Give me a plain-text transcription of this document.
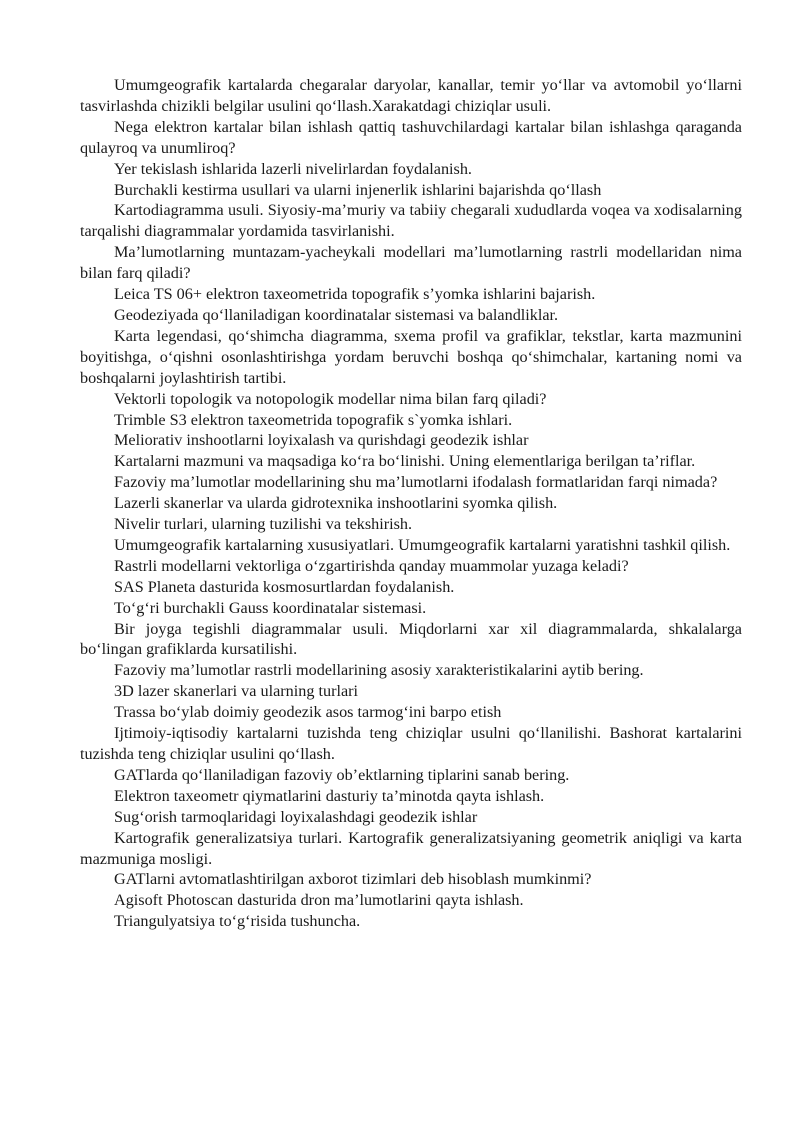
Umumgeografik kartalarda chegaralar daryolar, kanallar, temir yo‘llar va avtomobil yo‘llarni tasvirlashda chizikli belgilar usulini qo‘llash.Xarakatdagi chiziqlar usuli.

Nega elektron kartalar bilan ishlash qattiq tashuvchilardagi kartalar bilan ishlashga qaraganda qulayroq va unumliroq?

Yer tekislash ishlarida lazerli nivelirlardan foydalanish.

Burchakli kestirma usullari va ularni injenerlik ishlarini bajarishda qo‘llash

Kartodiagramma usuli. Siyosiy-ma’muriy va tabiiy chegarali xududlarda voqea va xodisalarning tarqalishi diagrammalar yordamida tasvirlanishi.

Ma’lumotlarning muntazam-yacheykali modellari ma’lumotlarning rastrli modellaridan nima bilan farq qiladi?

Leica TS 06+ elektron taxeometrida topografik s’yomka ishlarini bajarish.

Geodeziyada qo‘llaniladigan koordinatalar sistemasi va balandliklar.

Karta legendasi, qo‘shimcha diagramma, sxema profil va grafiklar, tekstlar, karta mazmunini boyitishga, o‘qishni osonlashtirishga yordam beruvchi boshqa qo‘shimchalar, kartaning nomi va boshqalarni joylashtirish tartibi.

Vektorli topologik va notopologik modellar nima bilan farq qiladi?

Trimble S3 elektron taxeometrida topografik s`yomka ishlari.

Meliorativ inshootlarni loyixalash va qurishdagi geodezik ishlar

Kartalarni mazmuni va maqsadiga ko‘ra bo‘linishi. Uning elementlariga berilgan ta’riflar.

Fazoviy ma’lumotlar modellarining shu ma’lumotlarni ifodalash formatlaridan farqi nimada?

Lazerli skanerlar va ularda gidrotexnika inshootlarini syomka qilish.

Nivelir turlari, ularning tuzilishi va tekshirish.

Umumgeografik kartalarning xususiyatlari. Umumgeografik kartalarni yaratishni tashkil qilish.

Rastrli modellarni vektorliga o‘zgartirishda qanday muammolar yuzaga keladi?

SAS Planeta dasturida kosmosurtlardan foydalanish.

To‘g‘ri burchakli Gauss koordinatalar sistemasi.

Bir joyga tegishli diagrammalar usuli. Miqdorlarni xar xil diagrammalarda, shkalalarga bo‘lingan grafiklarda kursatilishi.

Fazoviy ma’lumotlar rastrli modellarining asosiy xarakteristikalarini aytib bering.

3D lazer skanerlari va ularning turlari

Trassa bo‘ylab doimiy geodezik asos tarmog‘ini barpo etish

Ijtimoiy-iqtisodiy kartalarni tuzishda teng chiziqlar usulni qo‘llanilishi. Bashorat kartalarini tuzishda teng chiziqlar usulini qo‘llash.

GATlarda qo‘llaniladigan fazoviy ob’ektlarning tiplarini sanab bering.

Elektron taxeometr qiymatlarini dasturiy ta’minotda qayta ishlash.

Sug‘orish tarmoqlaridagi loyixalashdagi geodezik ishlar

Kartografik generalizatsiya turlari. Kartografik generalizatsiyaning geometrik aniqligi va karta mazmuniga mosligi.

GATlarni avtomatlashtirilgan axborot tizimlari deb hisoblash mumkinmi?

Agisoft Photoscan dasturida dron ma’lumotlarini qayta ishlash.

Triangulyatsiya to‘g‘risida tushuncha.
